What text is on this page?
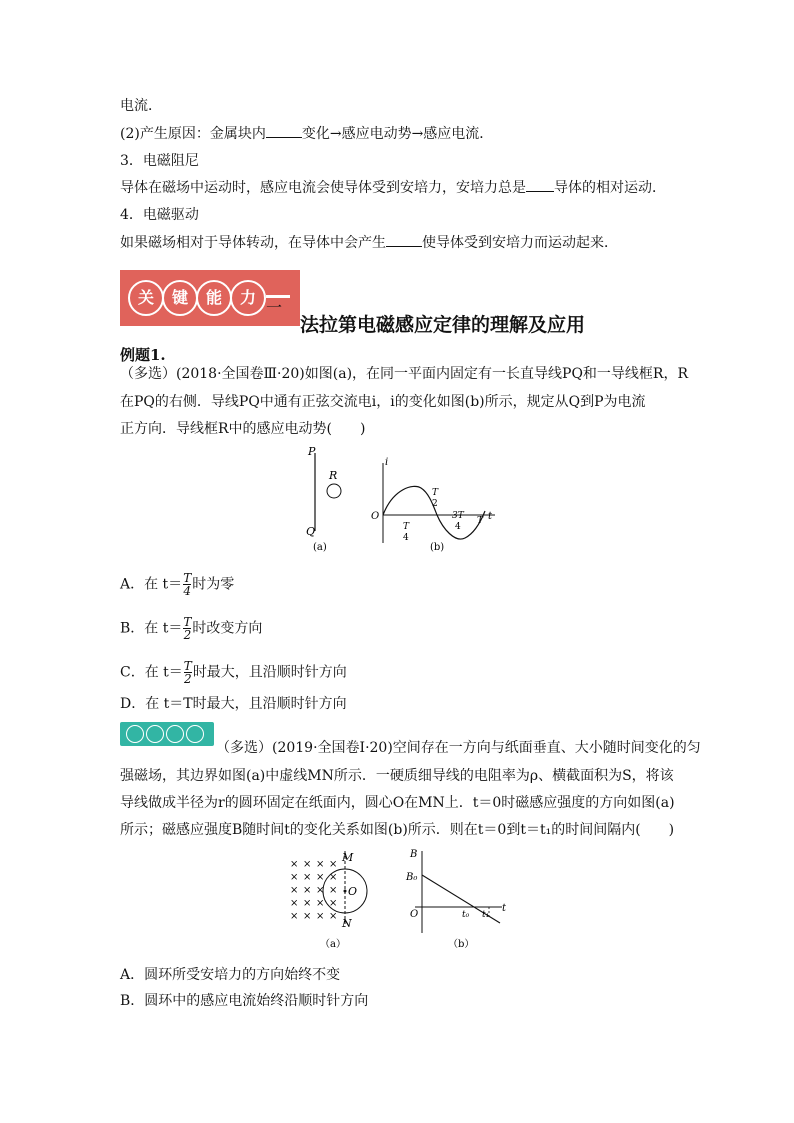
电流．
(2)产生原因：金属块内	变化→感应电动势→感应电流．
3．电磁阻尼
导体在磁场中运动时，感应电流会使导体受到安培力，安培力总是 导体的相对运动．
4．电磁驱动
如果磁场相对于导体转动，在导体中会产生	使导体受到安培力而运动起来．
关	键	能	力
一
法拉第电磁感应定律的理解及应用
例题1.
（多选）(2018·全国卷Ⅲ·20)如图(a)，在同一平面内固定有一长直导线PQ和一导线框R，R
在PQ的右侧．导线PQ中通有正弦交流电i，i的变化如图(b)所示，规定从Q到P为电流
正方向．导线框R中的感应电动势(　　)
P
Q
R
(a)
i
O	t
T
4
T
2
3T
4
T
(b)
A．在 $t= \frac{T}{4}$ 时为零
B．在 $t= \frac{T}{2}$ 时改变方向
C．在 $t= \frac{T}{2}$ 时最大，且沿顺时针方向
D．在 t＝T时最大，且沿顺时针方向
（多选）(2019·全国卷Ⅰ·20)空间存在一方向与纸面垂直、大小随时间变化的匀
强磁场，其边界如图(a)中虚线MN所示．一硬质细导线的电阻率为ρ、横截面积为S，将该
导线做成半径为r的圆环固定在纸面内，圆心O在MN上．t＝0时磁感应强度的方向如图(a)
所示；磁感应强度B随时间t的变化关系如图(b)所示．则在t＝0到t＝t₁的时间间隔内(　　)
× × × ×
× × × ×
× × × ×
× × × ×
× × × ×
M
N
O
（a）
B
B₀
O	t₀ t₁
t
（b）
A．圆环所受安培力的方向始终不变
B．圆环中的感应电流始终沿顺时针方向
